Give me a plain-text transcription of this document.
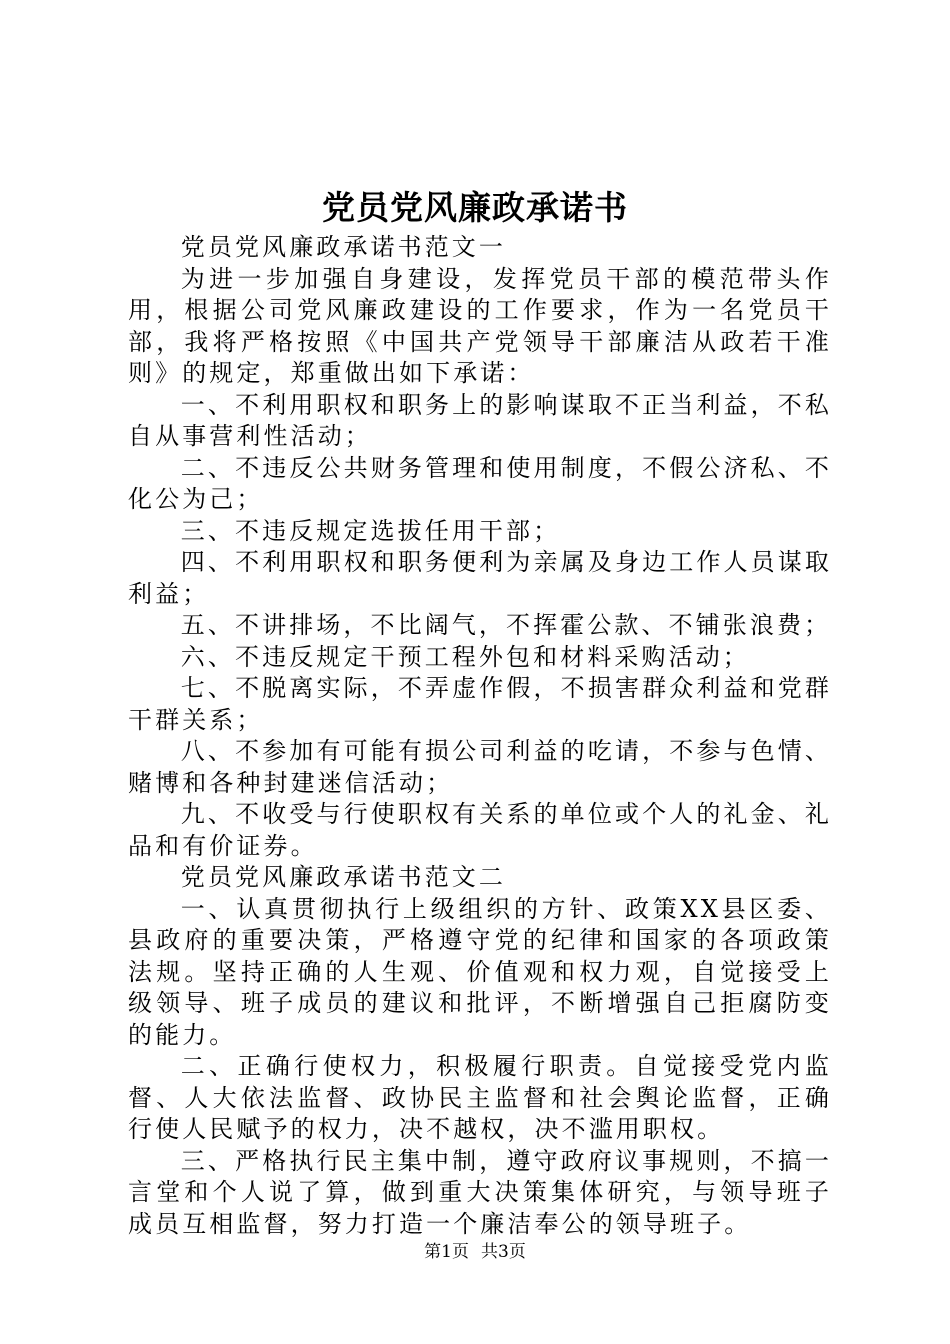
党员党风廉政承诺书

党员党风廉政承诺书范文一

为进一步加强自身建设，发挥党员干部的模范带头作用，根据公司党风廉政建设的工作要求，作为一名党员干部，我将严格按照《中国共产党领导干部廉洁从政若干准则》的规定，郑重做出如下承诺：

一、不利用职权和职务上的影响谋取不正当利益，不私自从事营利性活动；

二、不违反公共财务管理和使用制度，不假公济私、不化公为己；

三、不违反规定选拔任用干部；

四、不利用职权和职务便利为亲属及身边工作人员谋取利益；

五、不讲排场，不比阔气，不挥霍公款、不铺张浪费；

六、不违反规定干预工程外包和材料采购活动；

七、不脱离实际，不弄虚作假，不损害群众利益和党群干群关系；

八、不参加有可能有损公司利益的吃请，不参与色情、赌博和各种封建迷信活动；

九、不收受与行使职权有关系的单位或个人的礼金、礼品和有价证券。

党员党风廉政承诺书范文二

一、认真贯彻执行上级组织的方针、政策XX县区委、县政府的重要决策，严格遵守党的纪律和国家的各项政策法规。坚持正确的人生观、价值观和权力观，自觉接受上级领导、班子成员的建议和批评，不断增强自己拒腐防变的能力。

二、正确行使权力，积极履行职责。自觉接受党内监督、人大依法监督、政协民主监督和社会舆论监督，正确行使人民赋予的权力，决不越权，决不滥用职权。

三、严格执行民主集中制，遵守政府议事规则，不搞一言堂和个人说了算，做到重大决策集体研究，与领导班子成员互相监督，努力打造一个廉洁奉公的领导班子。

第1页 共3页
